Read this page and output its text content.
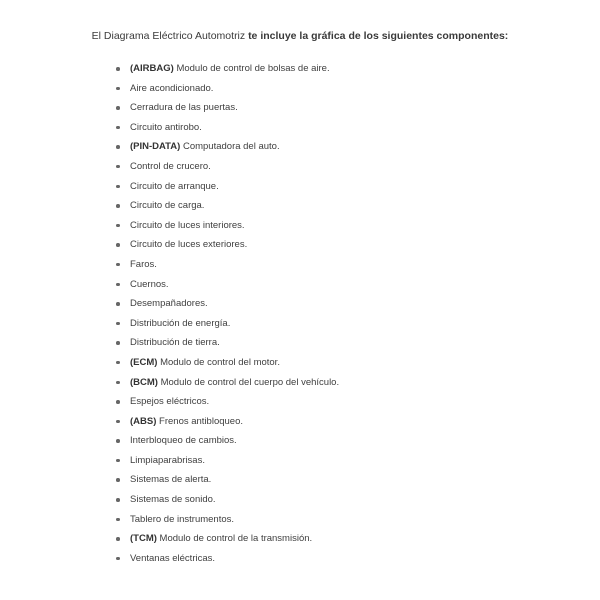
El Diagrama Eléctrico Automotriz te incluye la gráfica de los siguientes componentes:

(AIRBAG) Modulo de control de bolsas de aire.
Aire acondicionado.
Cerradura de las puertas.
Circuito antirobo.
(PIN-DATA) Computadora del auto.
Control de crucero.
Circuito de arranque.
Circuito de carga.
Circuito de luces interiores.
Circuito de luces exteriores.
Faros.
Cuernos.
Desempañadores.
Distribución de energía.
Distribución de tierra.
(ECM) Modulo de control del motor.
(BCM) Modulo de control del cuerpo del vehículo.
Espejos eléctricos.
(ABS) Frenos antibloqueo.
Interbloqueo de cambios.
Limpiaparabrisas.
Sistemas de alerta.
Sistemas de sonido.
Tablero de instrumentos.
(TCM) Modulo de control de la transmisión.
Ventanas eléctricas.
